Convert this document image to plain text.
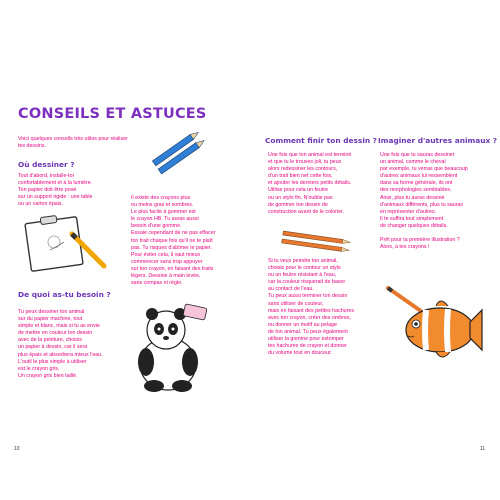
CONSEILS ET ASTUCES

Voici quelques conseils très utiles pour réaliser tes dessins.

Où dessiner ?

Tout d'abord, installe-toi

confortablement et à la lumière.

Ton papier doit être posé

sur un support rigide : une table

ou un carton épais.

Il existe des crayons plus

ou moins gras et sombres.

Le plus facile à gommer est

le crayon HB. Tu auras aussi

besoin d'une gomme.

Essaie cependant de ne pas effacer

ton trait chaque fois qu'il ne te plaît

pas. Tu risques d'abîmer le papier.

Pour éviter cela, il vaut mieux

commencer sans trop appuyer

sur ton crayon, en faisant des traits

légers. Dessine à main levée,

sans compas ni règle.

De quoi as-tu besoin ?

Tu peux dessiner ton animal

sur du papier machine, tout

simple et blanc, mais si tu as envie

de mettre en couleur ton dessin

avec de la peinture, choisis

un papier à dessin, car il sera

plus épais et absorbera mieux l'eau.

L'outil le plus simple à utiliser

est le crayon gris.

Un crayon gris bien taillé.

10
Comment finir ton dessin ?

Une fois que ton animal est terminé

et que tu le trouves joli, tu peux

alors redessiner les contours,

d'un trait bien net cette fois,

et ajouter les derniers petits détails.

Utilise pour cela un feutre

ou un stylo fin. N'oublie pas

de gommer ton dessin de

construction avant de le colorier.

Si tu veux peindre ton animal,

choisis pour le contour un stylo

ou un feutre résistant à l'eau,

car la couleur risquerait de baver

au contact de l'eau.

Tu peux aussi terminer ton dessin

sans utiliser de couleur,

mais en faisant des petites hachures

avec ton crayon, créer des ombres,

ou donner un motif au pelage

de ton animal. Tu peux également

utiliser la gomme pour estomper

tes hachures de crayon et donner

du volume tout en douceur.

Imaginer d'autres animaux ?

Une fois que tu sauras dessiner

un animal, comme le cheval

par exemple, tu verras que beaucoup

d'autres animaux lui ressemblent

dans sa forme générale, ils ont

des morphologies semblables.

Ainsi, plus tu auras dessiné

d'animaux différents, plus tu sauras

en représenter d'autres.

Il te suffira tout simplement

de changer quelques détails.

Prêt pour ta première illustration ?

Alors, à tes crayons !

11
